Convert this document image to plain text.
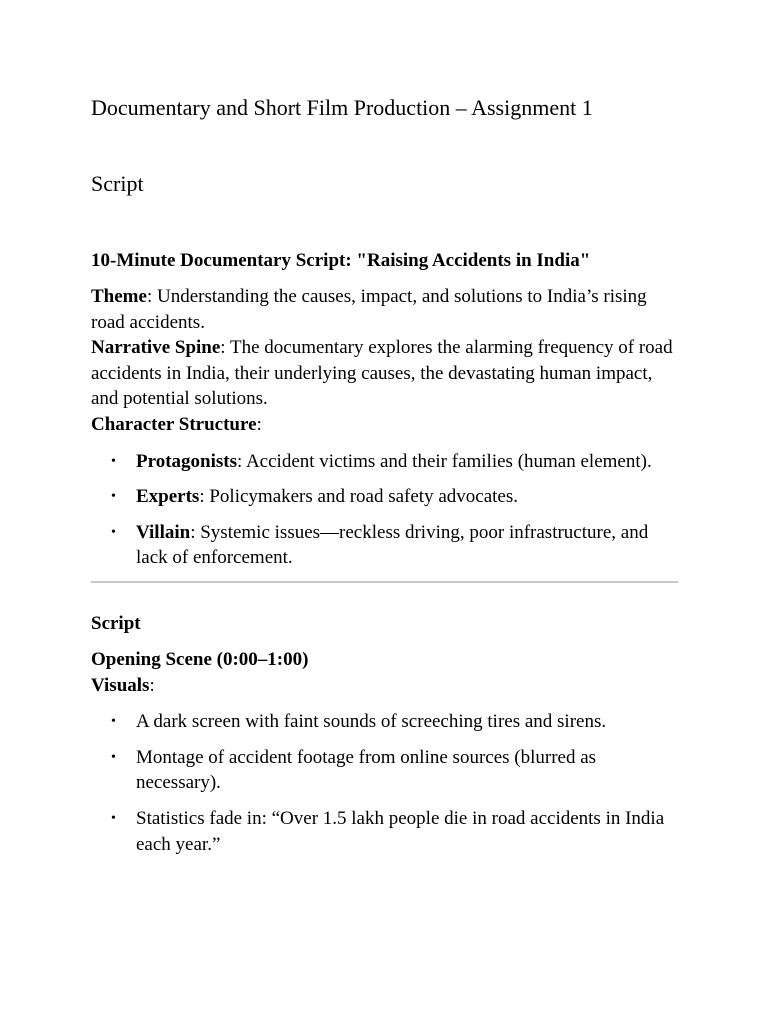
Documentary and Short Film Production – Assignment 1
Script
10-Minute Documentary Script: "Raising Accidents in India"

Theme: Understanding the causes, impact, and solutions to India’s rising road accidents.
Narrative Spine: The documentary explores the alarming frequency of road accidents in India, their underlying causes, the devastating human impact, and potential solutions.
Character Structure:

• Protagonists: Accident victims and their families (human element).
• Experts: Policymakers and road safety advocates.
• Villain: Systemic issues—reckless driving, poor infrastructure, and lack of enforcement.
Script

Opening Scene (0:00–1:00)
Visuals:

• A dark screen with faint sounds of screeching tires and sirens.
• Montage of accident footage from online sources (blurred as necessary).
• Statistics fade in: “Over 1.5 lakh people die in road accidents in India each year.”
